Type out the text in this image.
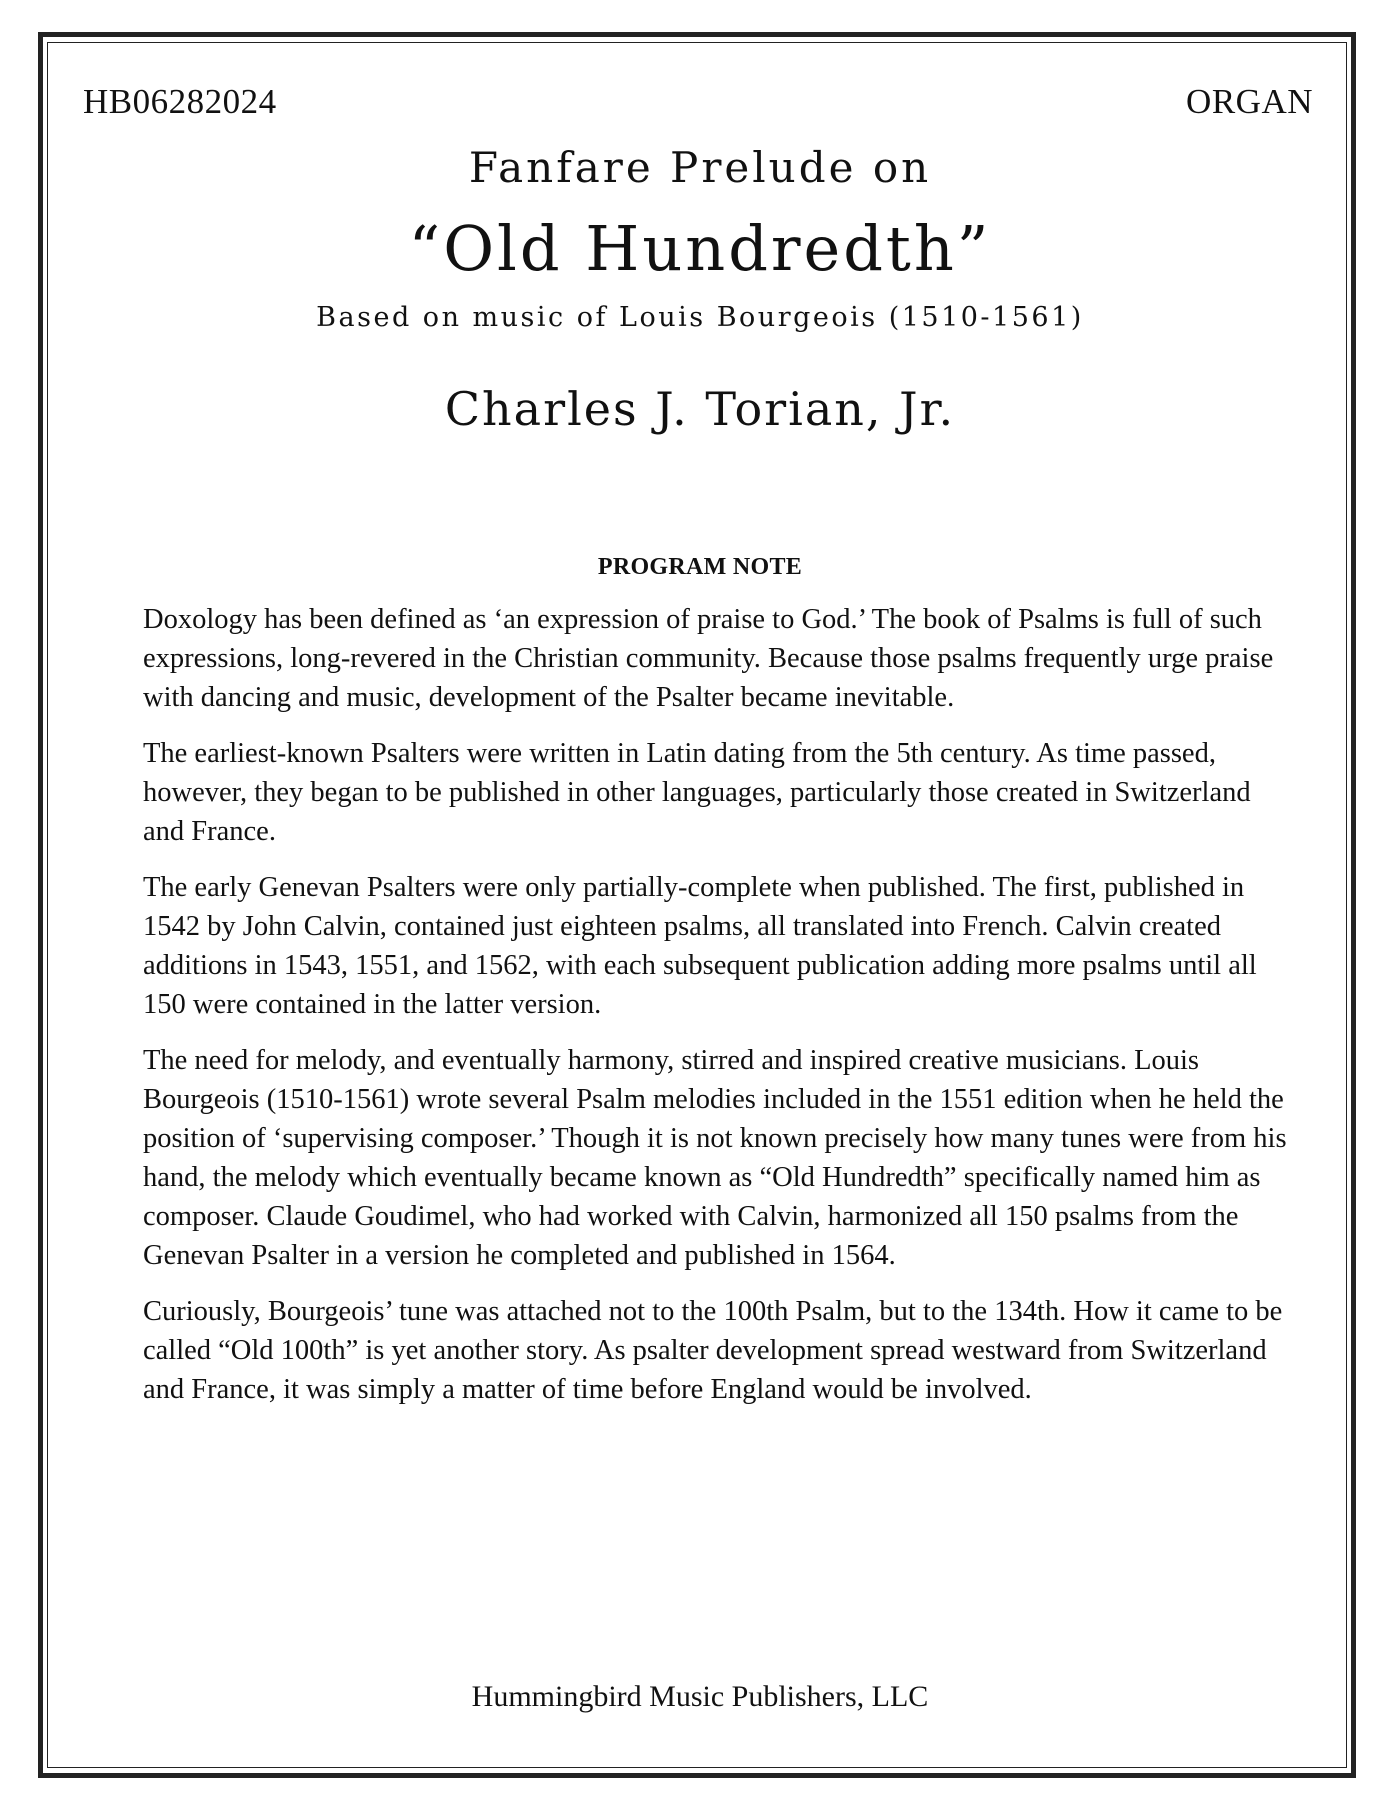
HB06282024	ORGAN
Fanfare Prelude on
“Old Hundredth”
Based on music of Louis Bourgeois (1510-1561)
Charles J. Torian, Jr.
PROGRAM NOTE

Doxology has been defined as ‘an expression of praise to God.’ The book of Psalms is full of such expressions, long-revered in the Christian community. Because those psalms frequently urge praise with dancing and music, development of the Psalter became inevitable.

The earliest-known Psalters were written in Latin dating from the 5th century. As time passed, however, they began to be published in other languages, particularly those created in Switzerland and France.

The early Genevan Psalters were only partially-complete when published. The first, published in 1542 by John Calvin, contained just eighteen psalms, all translated into French. Calvin created additions in 1543, 1551, and 1562, with each subsequent publication adding more psalms until all 150 were contained in the latter version.

The need for melody, and eventually harmony, stirred and inspired creative musicians. Louis Bourgeois (1510-1561) wrote several Psalm melodies included in the 1551 edition when he held the position of ‘supervising composer.’ Though it is not known precisely how many tunes were from his hand, the melody which eventually became known as “Old Hundredth” specifically named him as composer. Claude Goudimel, who had worked with Calvin, harmonized all 150 psalms from the Genevan Psalter in a version he completed and published in 1564.

Curiously, Bourgeois’ tune was attached not to the 100th Psalm, but to the 134th. How it came to be called “Old 100th” is yet another story. As psalter development spread westward from Switzerland and France, it was simply a matter of time before England would be involved.

Hummingbird Music Publishers, LLC
